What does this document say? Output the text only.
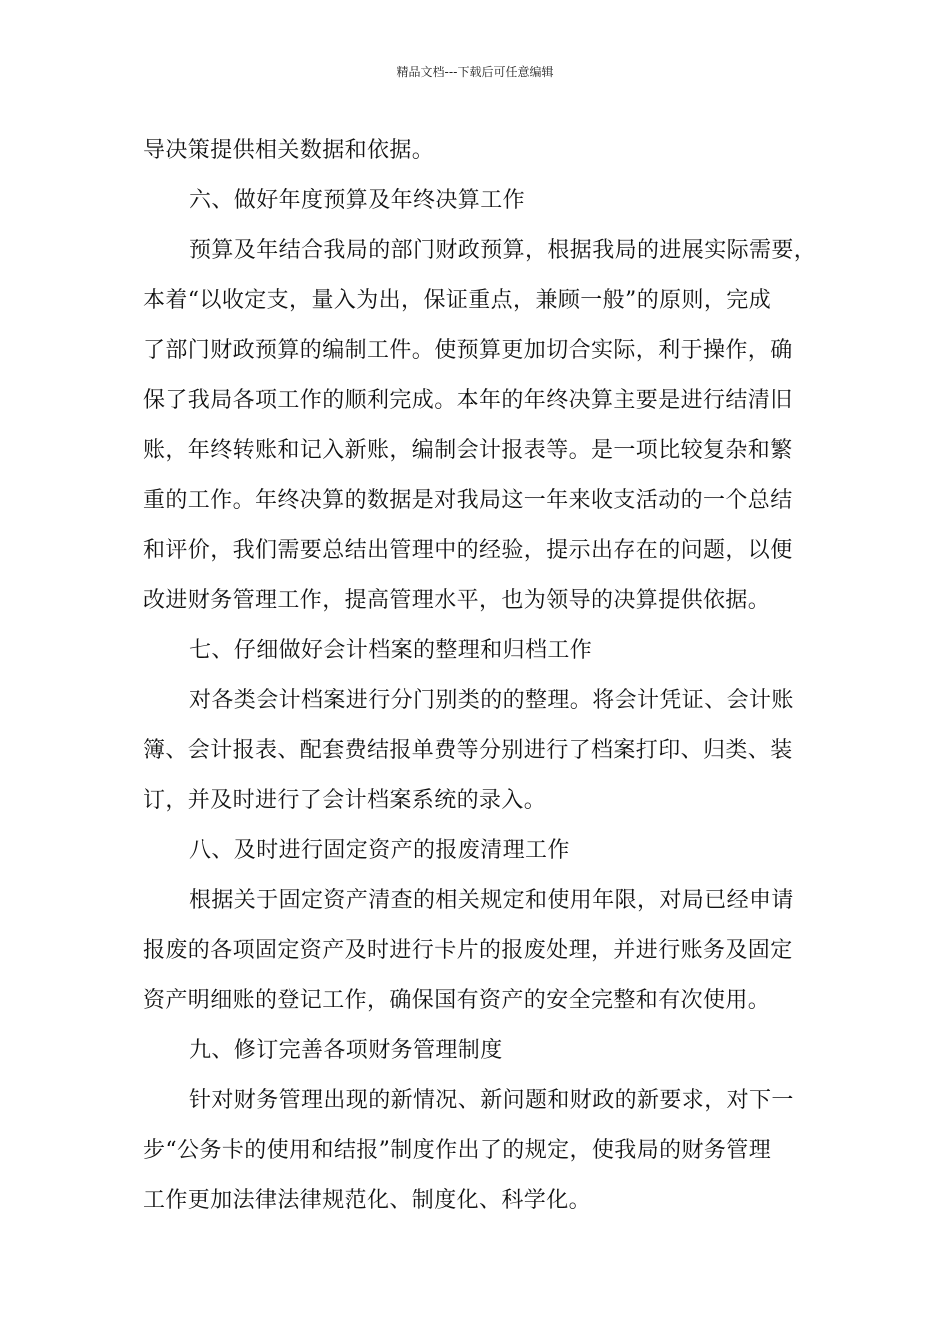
精品文档---下载后可任意编辑
导决策提供相关数据和依据。
六、做好年度预算及年终决算工作
预算及年结合我局的部门财政预算，根据我局的进展实际需要，
本着“以收定支，量入为出，保证重点，兼顾一般”的原则，完成
了部门财政预算的编制工件。使预算更加切合实际，利于操作，确
保了我局各项工作的顺利完成。本年的年终决算主要是进行结清旧
账，年终转账和记入新账，编制会计报表等。是一项比较复杂和繁
重的工作。年终决算的数据是对我局这一年来收支活动的一个总结
和评价，我们需要总结出管理中的经验，提示出存在的问题，以便
改进财务管理工作，提高管理水平，也为领导的决算提供依据。
七、仔细做好会计档案的整理和归档工作
对各类会计档案进行分门别类的的整理。将会计凭证、会计账
簿、会计报表、配套费结报单费等分别进行了档案打印、归类、装
订，并及时进行了会计档案系统的录入。
八、及时进行固定资产的报废清理工作
根据关于固定资产清查的相关规定和使用年限，对局已经申请
报废的各项固定资产及时进行卡片的报废处理，并进行账务及固定
资产明细账的登记工作，确保国有资产的安全完整和有次使用。
九、修订完善各项财务管理制度
针对财务管理出现的新情况、新问题和财政的新要求，对下一
步“公务卡的使用和结报”制度作出了的规定，使我局的财务管理
工作更加法律法律规范化、制度化、科学化。
